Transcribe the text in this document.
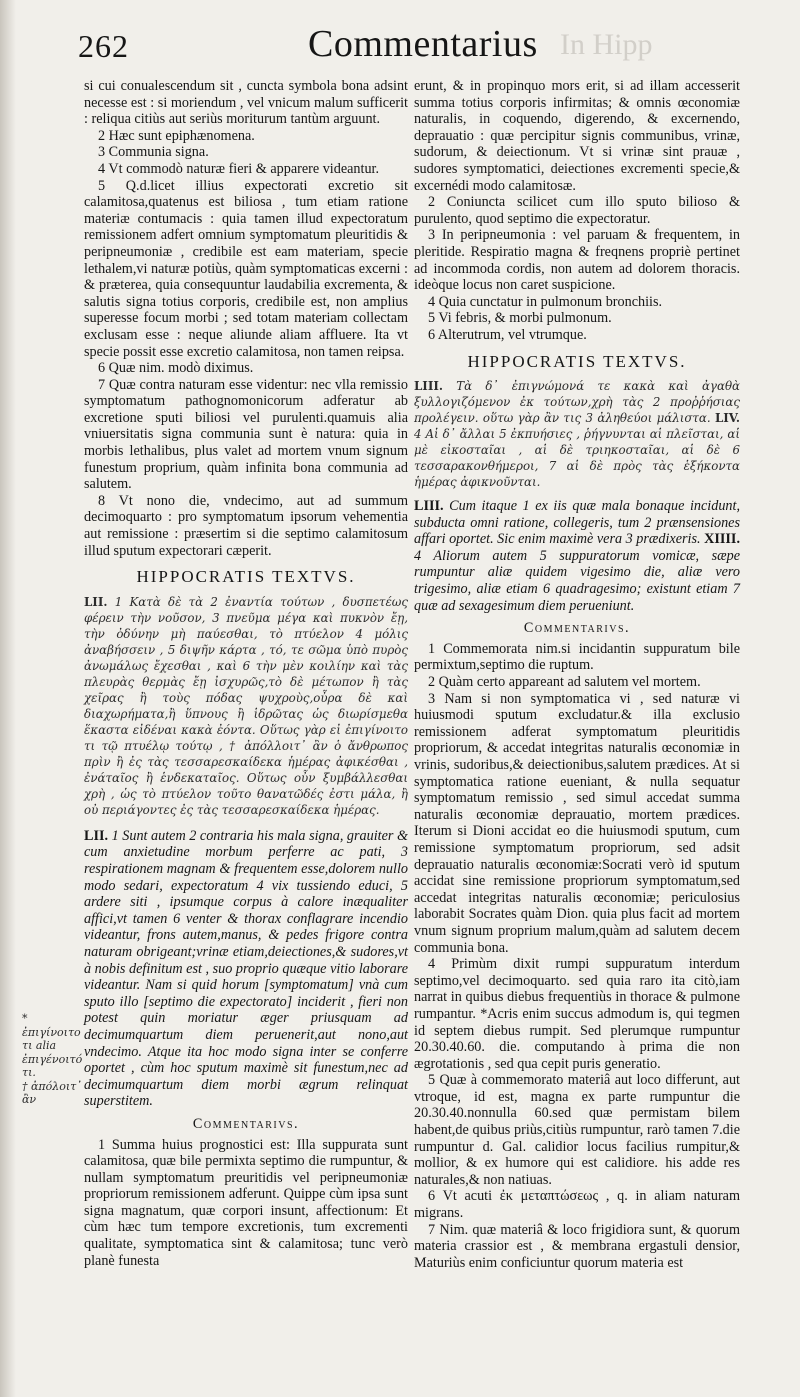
262	Commentarius In Hipp

si cui conualescendum sit , cuncta symbola bona adsint necesse est : si moriendum , vel vnicum malum sufficerit : reliqua citiùs aut seriùs moriturum tantùm arguunt.

2 Hæc sunt epiphænomena.

3 Communia signa.

4 Vt commodò naturæ fieri & apparere videantur.

5 Q.d.licet illius expectorati excretio sit calamitosa,quatenus est biliosa , tum etiam ratione materiæ contumacis : quia tamen illud expectoratum remissionem adfert omnium symptomatum pleuritidis & peripneumoniæ , credibile est eam materiam, specie lethalem,vi naturæ potiùs, quàm symptomaticas excerni : & præterea, quia consequuntur laudabilia excrementa, & salutis signa totius corporis, credibile est, non amplius superesse focum morbi ; sed totam materiam collectam exclusam esse : neque aliunde aliam affluere. Ita vt specie possit esse excretio calamitosa, non tamen reipsa.

6 Quæ nim. modò diximus.

7 Quæ contra naturam esse videntur: nec vlla remissio symptomatum pathognomonicorum adferatur ab excretione sputi biliosi vel purulenti.quamuis alia vniuersitatis signa communia sunt è natura: quia in morbis lethalibus, plus valet ad mortem vnum signum funestum proprium, quàm infinita bona communia ad salutem.

8 Vt nono die, vndecimo, aut ad summum decimoquarto : pro symptomatum ipsorum vehementia aut remissione : præsertim si die septimo calamitosum illud sputum expectorari cæperit.

HIPPOCRATIS TEXTVS.

LII. 1 Κατὰ δὲ τὰ 2 ἐναντία τούτων , δυσπετέως φέρειν τὴν νοῦσον, 3 πνεῦμα μέγα καὶ πυκνὸν ἔῃ, τὴν ὀδύνην μὴ παύεσθαι, τὸ πτύελον 4 μόλις ἀναβήσσειν , 5 διψῆν κάρτα , τό, τε σῶμα ὑπὸ πυρὸς ἀνωμάλως ἔχεσθαι , καὶ 6 τὴν μὲν κοιλίην καὶ τὰς πλευρὰς θερμὰς ἔῃ ἰσχυρῶς,τὸ δὲ μέτωπον ἢ τὰς χεῖρας ἢ τοὺς πόδας ψυχροὺς,οὖρα δὲ καὶ διαχωρήματα,ἢ ὕπνους ἢ ἱδρῶτας ὡς διωρίσμεθα ἕκαστα εἰδέναι κακὰ ἐόντα. Οὕτως γὰρ εἰ ἐπιγίνοιτο τι τῷ πτυέλῳ τούτῳ , † ἀπόλλοιτ᾽ ἂν ὁ ἄνθρωπος πρὶν ἢ ἐς τὰς τεσσαρεσκαίδεκα ἡμέρας ἀφικέσθαι , ἐνάταῖος ἢ ἑνδεκαταῖος. Οὕτως οὖν ξυμβάλλεσθαι χρὴ , ὡς τὸ πτύελον τοῦτο θανατῶδές ἐστι μάλα, ἢ οὐ περιάγοντες ἐς τὰς τεσσαρεσκαίδεκα ἡμέρας.

LII. 1 Sunt autem 2 contraria his mala signa, grauiter & cum anxietudine morbum perferre ac pati, 3 respirationem magnam & frequentem esse,dolorem nullo modo sedari, expectoratum 4 vix tussiendo educi, 5 ardere siti , ipsumque corpus à calore inæqualiter affici,vt tamen 6 venter & thorax conflagrare incendio videantur, frons autem,manus, & pedes frigore contra naturam obrigeant;vrinæ etiam,deiectiones,& sudores,vt à nobis definitum est , suo proprio quæque vitio laborare videantur. Nam si quid horum [symptomatum] vnà cum sputo illo [septimo die expectorato] inciderit , fieri non potest quin moriatur æger priusquam ad decimumquartum diem peruenerit,aut nono,aut vndecimo. Atque ita hoc modo signa inter se conferre oportet , cùm hoc sputum maximè sit funestum,nec ad decimumquartum diem morbi ægrum relinquat superstitem.

Commentarivs.

1 Summa huius prognostici est: Illa suppurata sunt calamitosa, quæ bile permixta septimo die rumpuntur, & nullam symptomatum preuritidis vel peripneumoniæ propriorum remissionem adferunt. Quippe cùm ipsa sunt signa magnatum, quæ corpori insunt, affectionum: Et cùm hæc tum tempore excretionis, tum excrementi qualitate, symptomatica sint & calamitosa; tunc verò planè funesta

* ἐπιγίνοιτο τι alia ἐπιγένοιτό τι.
† ἀπόλοιτ᾽ ἂν

erunt, & in propinquo mors erit, si ad illam accesserit summa totius corporis infirmitas; & omnis œconomiæ naturalis, in coquendo, digerendo, & excernendo, deprauatio : quæ percipitur signis communibus, vrinæ, sudorum, & deiectionum. Vt si vrinæ sint prauæ , sudores symptomatici, deiectiones excrementi specie,& excernédi modo calamitosæ.

2 Coniuncta scilicet cum illo sputo bilioso & purulento, quod septimo die expectoratur.

3 In peripneumonia : vel paruam & frequentem, in pleritide. Respiratio magna & freqnens propriè pertinet ad incommoda cordis, non autem ad dolorem thoracis. ideòque locus non caret suspicione.

4 Quia cunctatur in pulmonum bronchiis.

5 Vi febris, & morbi pulmonum.

6 Alterutrum, vel vtrumque.

HIPPOCRATIS TEXTVS.

LIII. Τὰ δ᾽ ἐπιγνώμονά τε κακὰ καὶ ἀγαθὰ ξυλλογιζόμενον ἐκ τούτων,χρὴ τὰς 2 προῤῥήσιας προλέγειν. οὕτω γὰρ ἂν τις 3 ἀληθεύοι μάλιστα. LIV. 4 Αἱ δ᾽ ἄλλαι 5 ἐκπυήσιες , ῥήγνυνται αἱ πλεῖσται, αἱ μὲ εἰκοσταῖαι , αἱ δὲ τριηκοσταῖαι, αἱ δὲ 6 τεσσαρακονθήμεροι, 7 αἱ δὲ πρὸς τὰς ἑξήκοντα ἡμέρας ἀφικνοῦνται.

LIII. Cum itaque 1 ex iis quæ mala bonaque incidunt, subducta omni ratione, collegeris, tum 2 prænsensiones affari oportet. Sic enim maximè vera 3 prædixeris. XIIII. 4 Aliorum autem 5 suppuratorum vomicæ, sæpe rumpuntur aliæ quidem vigesimo die, aliæ vero trigesimo, aliæ etiam 6 quadragesimo; existunt etiam 7 quæ ad sexagesimum diem perueniunt.

Commentarivs.

1 Commemorata nim.si incidantin suppuratum bile permixtum,septimo die ruptum.

2 Quàm certo appareant ad salutem vel mortem.

3 Nam si non symptomatica vi , sed naturæ vi huiusmodi sputum excludatur.& illa exclusio remissionem adferat symptomatum pleuritidis propriorum, & accedat integritas naturalis œconomiæ in vrinis, sudoribus,& deiectionibus,salutem prædices. At si symptomatica ratione eueniant, & nulla sequatur symptomatum remissio , sed simul accedat summa naturalis œconomiæ deprauatio, mortem prædices. Iterum si Dioni accidat eo die huiusmodi sputum, cum remissione symptomatum propriorum, sed adsit deprauatio naturalis œconomiæ:Socrati verò id sputum accidat sine remissione propriorum symptomatum,sed accedat integritas naturalis œconomiæ; periculosius laborabit Socrates quàm Dion. quia plus facit ad mortem vnum signum proprium malum,quàm ad salutem decem communia bona.

4 Primùm dixit rumpi suppuratum interdum septimo,vel decimoquarto. sed quia raro ita citò,iam narrat in quibus diebus frequentiùs in thorace & pulmone rumpantur. *Acris enim succus admodum is, qui tegmen id septem diebus rumpit. Sed plerumque rumpuntur 20.30.40.60. die. computando à prima die non ægrotationis , sed qua cepit puris generatio.

5 Quæ à commemorato materiâ aut loco differunt, aut vtroque, id est, magna ex parte rumpuntur die 20.30.40.nonnulla 60.sed quæ permistam bilem habent,de quibus priùs,citiùs rumpuntur, rarò tamen 7.die rumpuntur d. Gal. calidior locus facilius rumpitur,& mollior, & ex humore qui est calidiore. his adde res naturales,& non natiuas.

6 Vt acuti ἐκ μεταπτώσεως , q. in aliam naturam migrans.

7 Nim. quæ materiâ & loco frigidiora sunt, & quorum materia crassior est , & membrana ergastuli densior, Maturiùs enim conficiuntur quorum materia est
